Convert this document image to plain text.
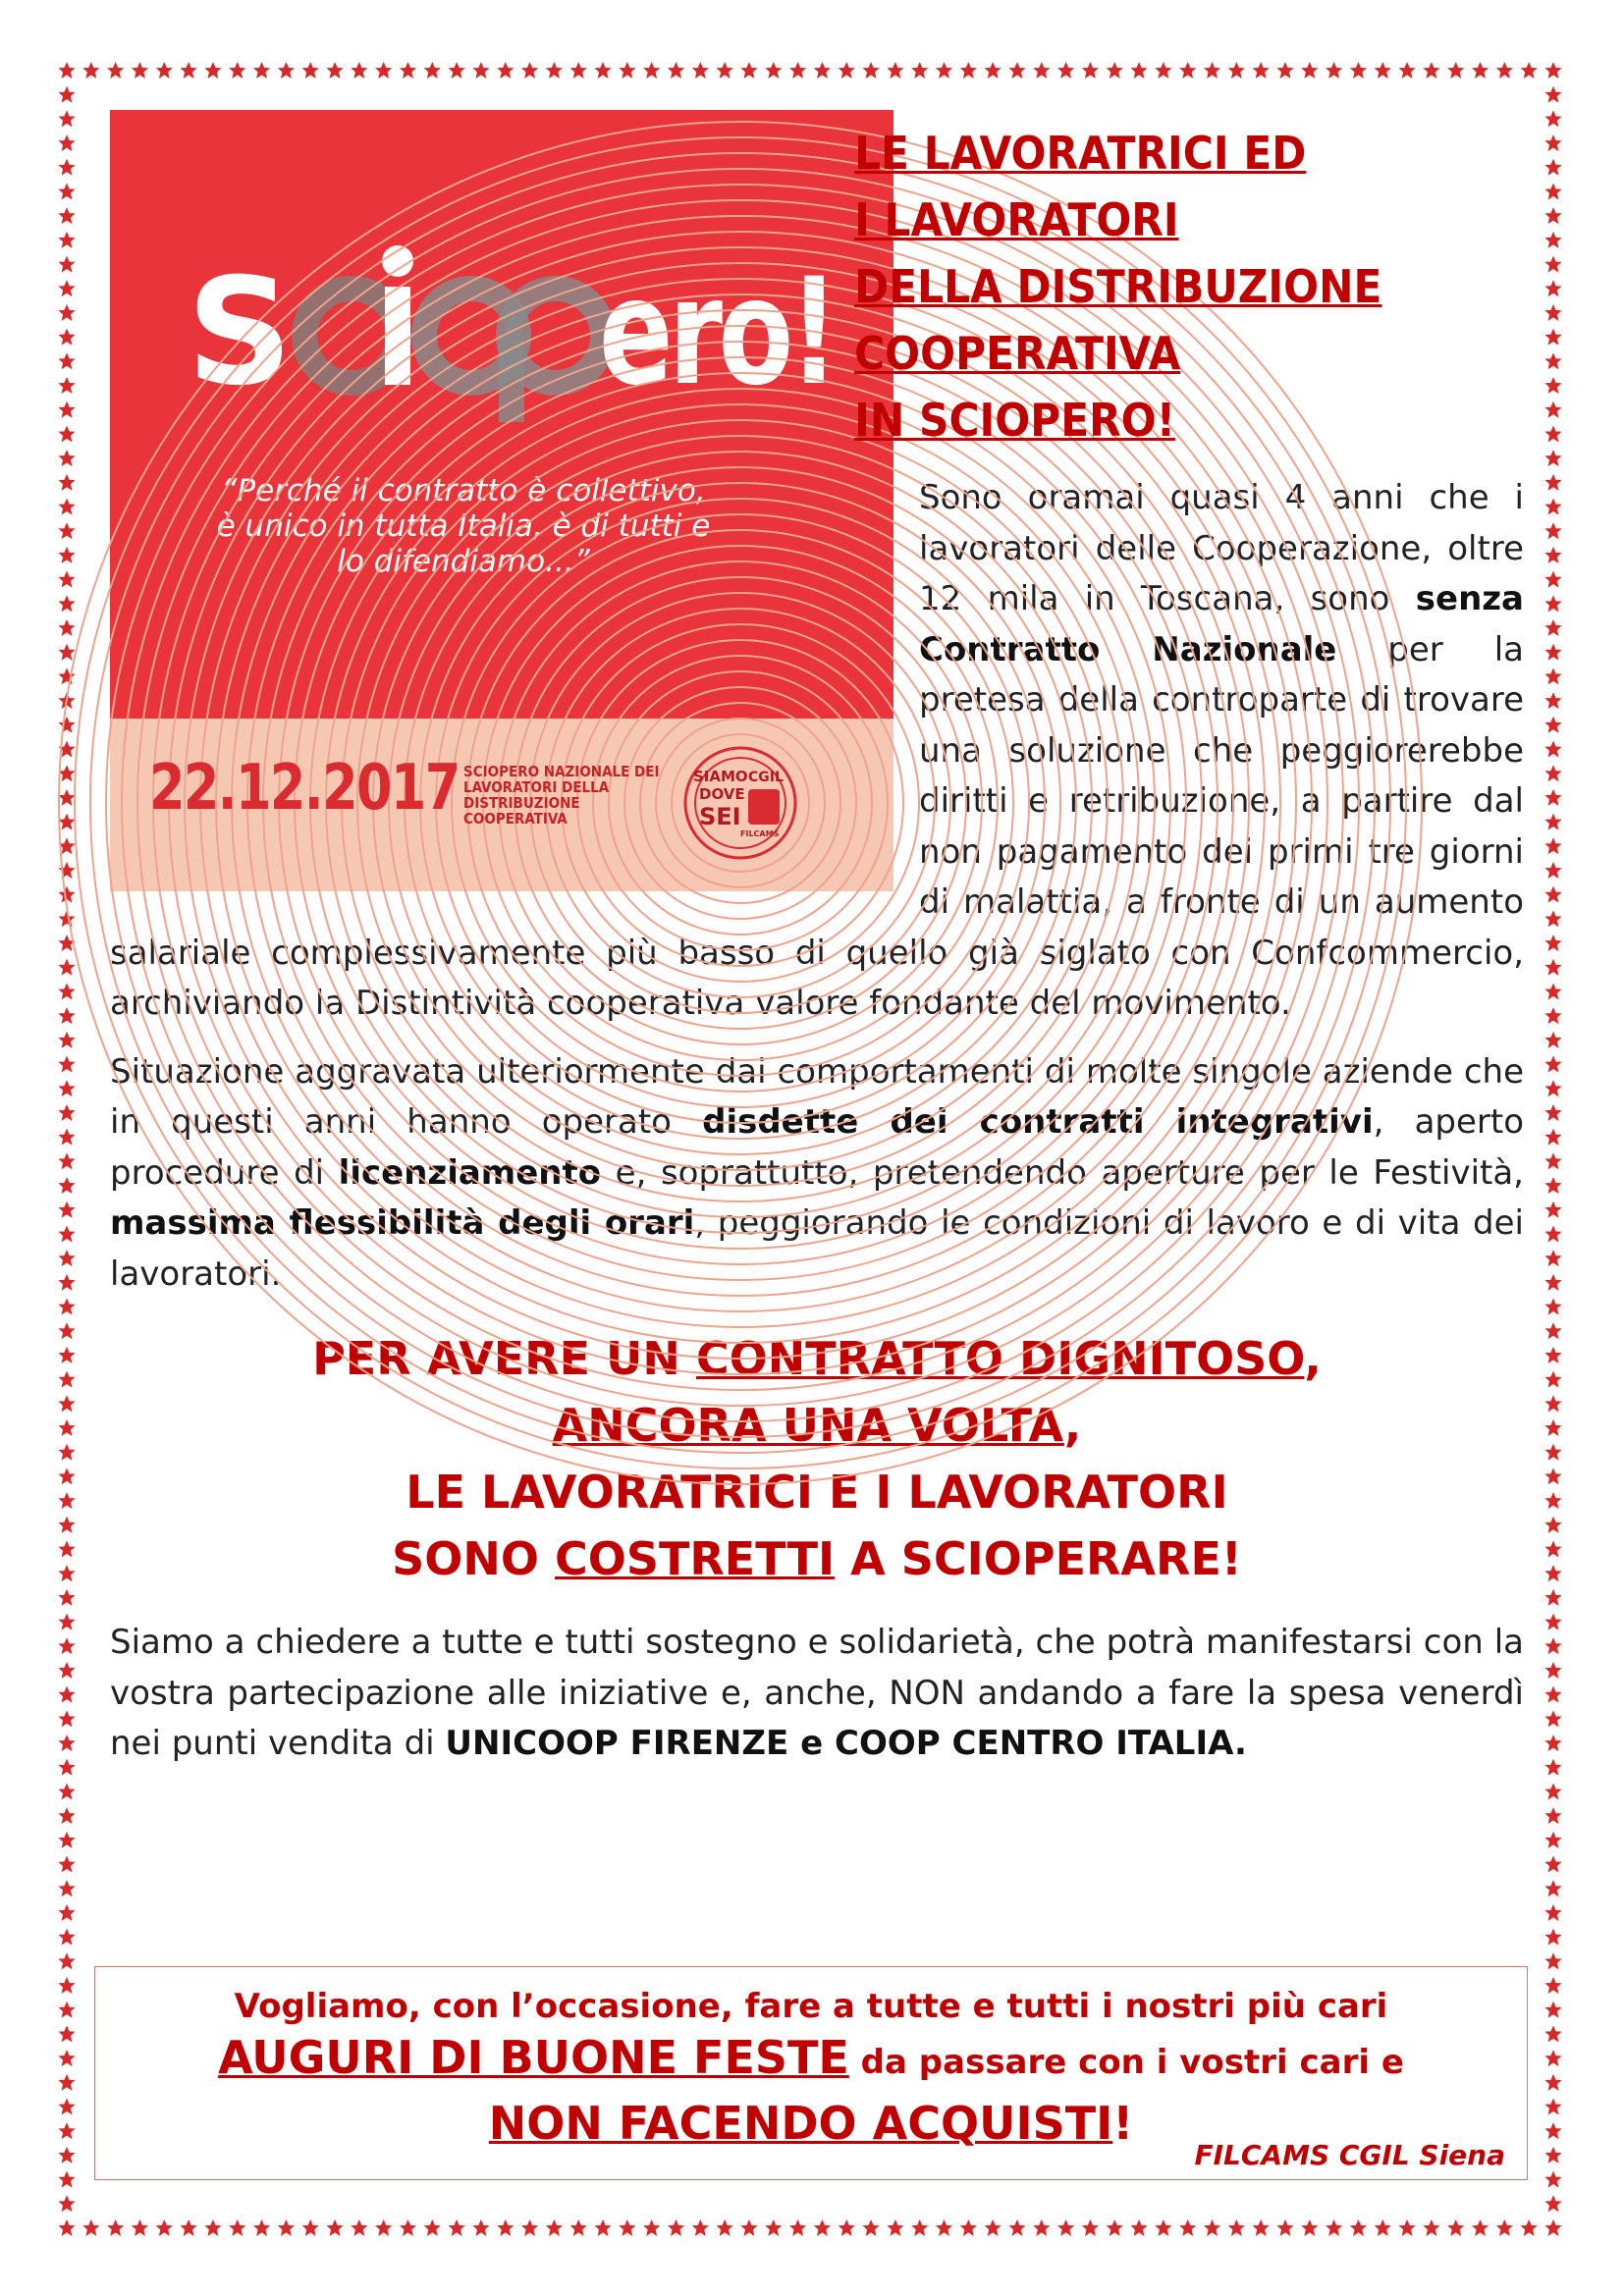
S ero!
“Perché il contratto è collettivo, è unico in tutta Italia, è di tutti e lo difendiamo...”
22.12.2017 SCIOPERO NAZIONALE DEI LAVORATORI DELLA DISTRIBUZIONE COOPERATIVA
SIAMO
DOVE
SEI
CGIL
FILCAMS
LE LAVORATRICI ED
I LAVORATORI
DELLA DISTRIBUZIONE
COOPERATIVA
IN SCIOPERO!

Sono oramai quasi 4 anni che i lavoratori delle Cooperazione, oltre 12 mila in Toscana, sono senza Contratto Nazionale per la pretesa della controparte di trovare una soluzione che peggiorerebbe diritti e retribuzione, a partire dal non pagamento dei primi tre giorni di malattia, a fronte di un aumento salariale complessivamente più basso di quello già siglato con Confcommercio, archiviando la Distintività cooperativa valore fondante del movimento.

Situazione aggravata ulteriormente dai comportamenti di molte singole aziende che in questi anni hanno operato disdette dei contratti integrativi, aperto procedure di licenziamento e, soprattutto, pretendendo aperture per le Festività, massima flessibilità degli orari, peggiorando le condizioni di lavoro e di vita dei lavoratori.

PER AVERE UN CONTRATTO DIGNITOSO,
ANCORA UNA VOLTA,
LE LAVORATRICI E I LAVORATORI
SONO COSTRETTI A SCIOPERARE!

Siamo a chiedere a tutte e tutti sostegno e solidarietà, che potrà manifestarsi con la vostra partecipazione alle iniziative e, anche, NON andando a fare la spesa venerdì nei punti vendita di UNICOOP FIRENZE e COOP CENTRO ITALIA.

Vogliamo, con l’occasione, fare a tutte e tutti i nostri più cari
AUGURI DI BUONE FESTE da passare con i vostri cari e
NON FACENDO ACQUISTI!
FILCAMS CGIL Siena
